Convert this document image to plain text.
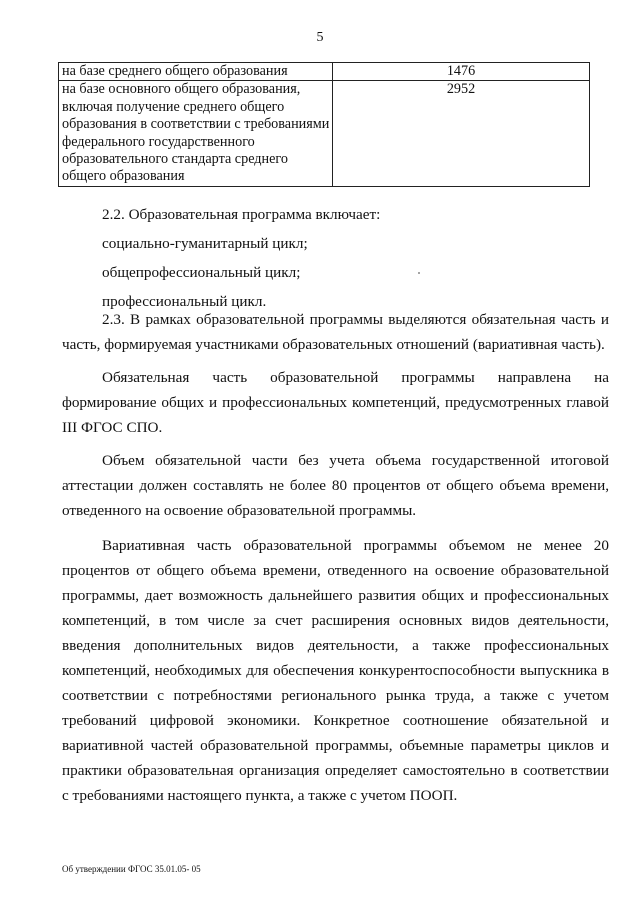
5
на базе среднего общего образования	1476
на базе основного общего образования, включая получение среднего общего образования в соответствии с требованиями федерального государственного образовательного стандарта среднего общего образования	2952

2.2. Образовательная программа включает:

социально-гуманитарный цикл;

общепрофессиональный цикл;

профессиональный цикл.

2.3. В рамках образовательной программы выделяются обязательная часть и часть, формируемая участниками образовательных отношений (вариативная часть).

Обязательная часть образовательной программы направлена на формирование общих и профессиональных компетенций, предусмотренных главой III ФГОС СПО.

Объем обязательной части без учета объема государственной итоговой аттестации должен составлять не более 80 процентов от общего объема времени, отведенного на освоение образовательной программы.

Вариативная часть образовательной программы объемом не менее 20 процентов от общего объема времени, отведенного на освоение образовательной программы, дает возможность дальнейшего развития общих и профессиональных компетенций, в том числе за счет расширения основных видов деятельности, введения дополнительных видов деятельности, а также профессиональных компетенций, необходимых для обеспечения конкурентоспособности выпускника в соответствии с потребностями регионального рынка труда, а также с учетом требований цифровой экономики. Конкретное соотношение обязательной и вариативной частей образовательной программы, объемные параметры циклов и практики образовательная организация определяет самостоятельно в соответствии с требованиями настоящего пункта, а также с учетом ПООП.

Об утверждении ФГОС 35.01.05- 05
